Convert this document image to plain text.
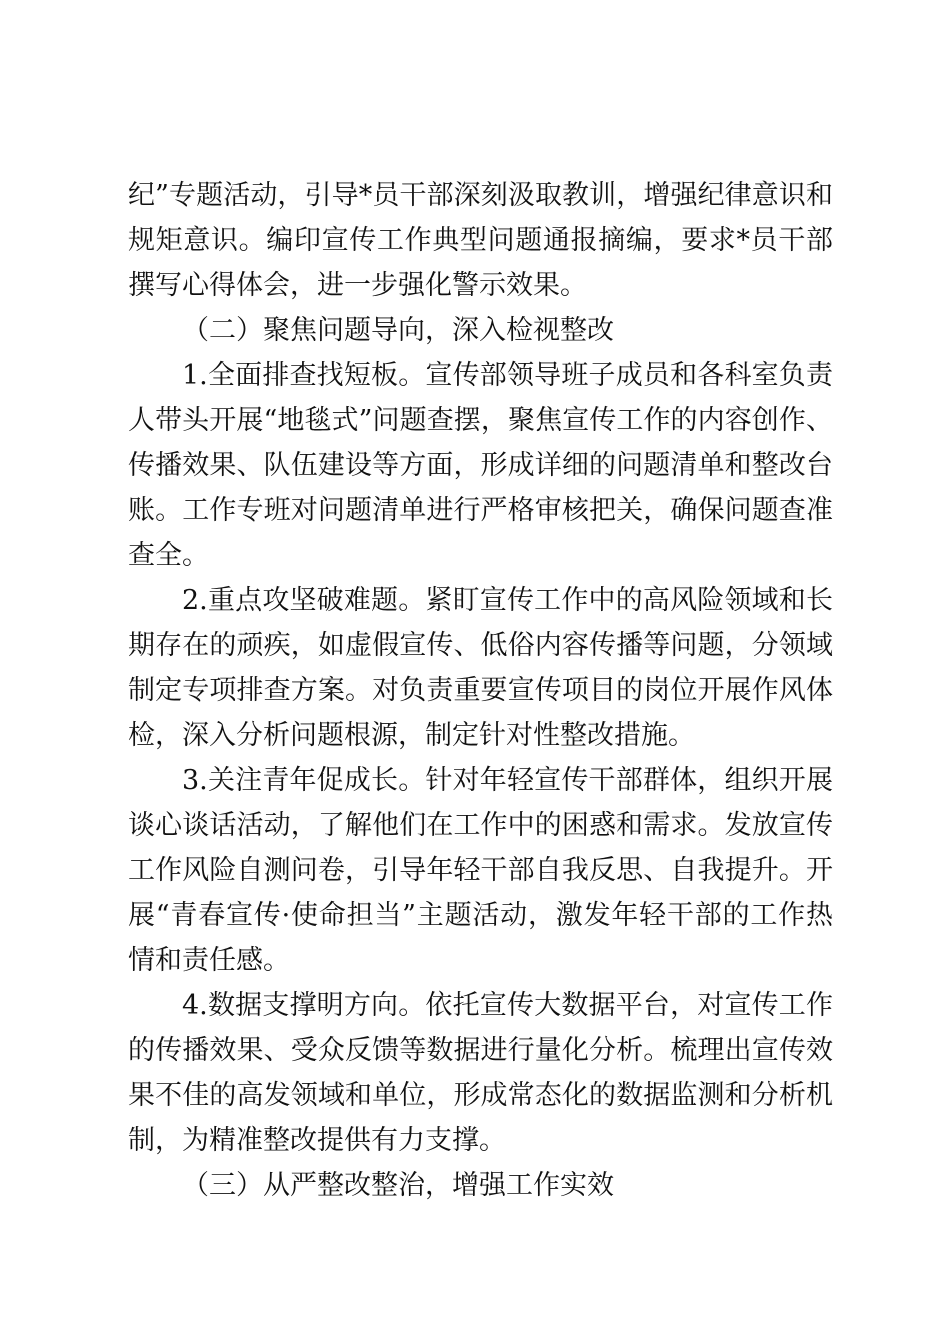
纪”专题活动，引导*员干部深刻汲取教训，增强纪律意识和规矩意识。编印宣传工作典型问题通报摘编，要求*员干部撰写心得体会，进一步强化警示效果。

（二）聚焦问题导向，深入检视整改

1.全面排查找短板。宣传部领导班子成员和各科室负责人带头开展“地毯式”问题查摆，聚焦宣传工作的内容创作、传播效果、队伍建设等方面，形成详细的问题清单和整改台账。工作专班对问题清单进行严格审核把关，确保问题查准查全。

2.重点攻坚破难题。紧盯宣传工作中的高风险领域和长期存在的顽疾，如虚假宣传、低俗内容传播等问题，分领域制定专项排查方案。对负责重要宣传项目的岗位开展作风体检，深入分析问题根源，制定针对性整改措施。

3.关注青年促成长。针对年轻宣传干部群体，组织开展谈心谈话活动，了解他们在工作中的困惑和需求。发放宣传工作风险自测问卷，引导年轻干部自我反思、自我提升。开展“青春宣传·使命担当”主题活动，激发年轻干部的工作热情和责任感。

4.数据支撑明方向。依托宣传大数据平台，对宣传工作的传播效果、受众反馈等数据进行量化分析。梳理出宣传效果不佳的高发领域和单位，形成常态化的数据监测和分析机制，为精准整改提供有力支撑。

（三）从严整改整治，增强工作实效
